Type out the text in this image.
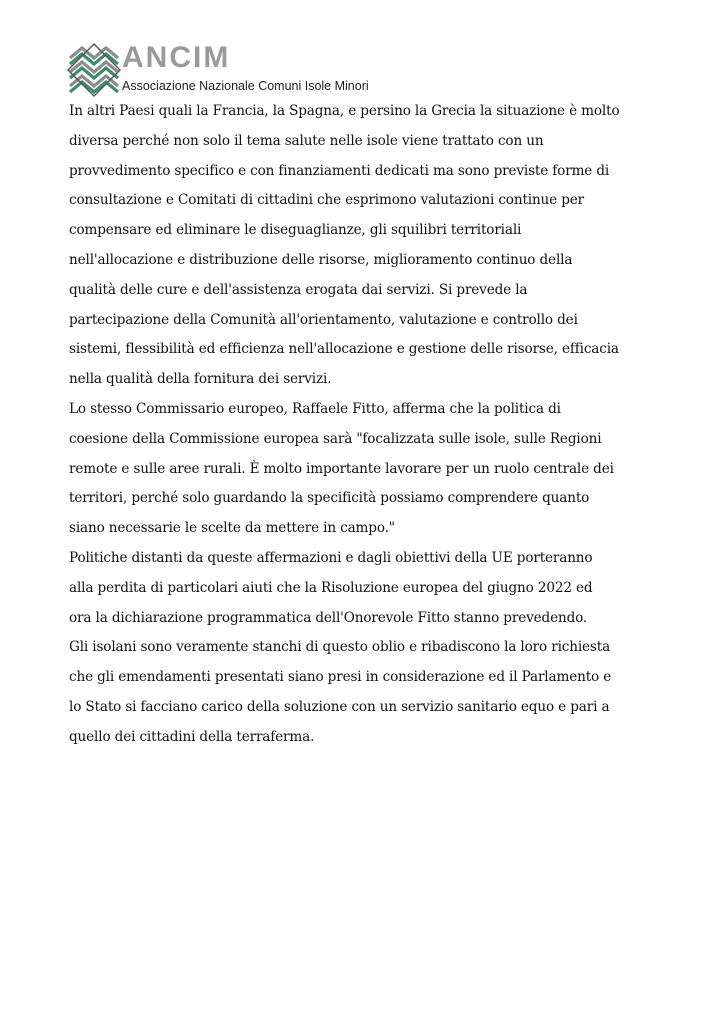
ANCIM
Associazione Nazionale Comuni Isole Minori
In altri Paesi quali la Francia, la Spagna, e persino la Grecia la situazione è molto
diversa perché non solo il tema salute nelle isole viene trattato con un
provvedimento specifico e con finanziamenti dedicati ma sono previste forme di
consultazione e Comitati di cittadini che esprimono valutazioni continue per
compensare ed eliminare le diseguaglianze, gli squilibri territoriali
nell'allocazione e distribuzione delle risorse, miglioramento continuo della
qualità delle cure e dell'assistenza erogata dai servizi. Si prevede la
partecipazione della Comunità all'orientamento, valutazione e controllo dei
sistemi, flessibilità ed efficienza nell'allocazione e gestione delle risorse, efficacia
nella qualità della fornitura dei servizi.
Lo stesso Commissario europeo, Raffaele Fitto, afferma che la politica di
coesione della Commissione europea sarà "focalizzata sulle isole, sulle Regioni
remote e sulle aree rurali. È molto importante lavorare per un ruolo centrale dei
territori, perché solo guardando la specificità possiamo comprendere quanto
siano necessarie le scelte da mettere in campo."
Politiche distanti da queste affermazioni e dagli obiettivi della UE porteranno
alla perdita di particolari aiuti che la Risoluzione europea del giugno 2022 ed
ora la dichiarazione programmatica dell'Onorevole Fitto stanno prevedendo.
Gli isolani sono veramente stanchi di questo oblio e ribadiscono la loro richiesta
che gli emendamenti presentati siano presi in considerazione ed il Parlamento e
lo Stato si facciano carico della soluzione con un servizio sanitario equo e pari a
quello dei cittadini della terraferma.
